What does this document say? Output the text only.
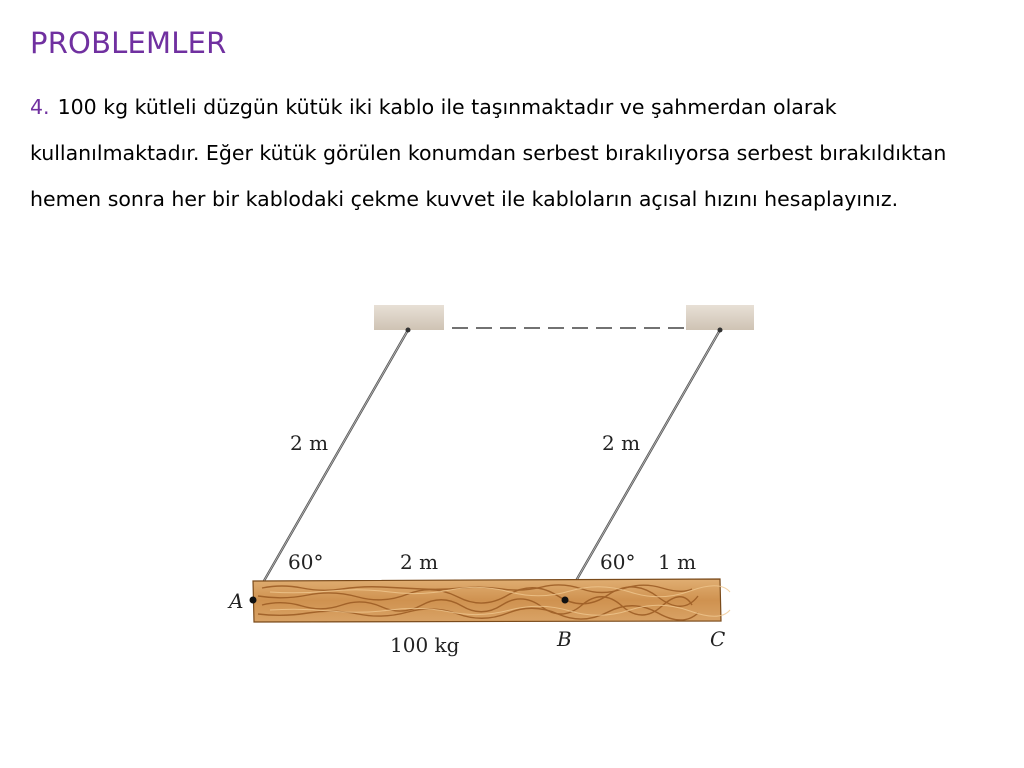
PROBLEMLER
4. 100 kg kütleli düzgün kütük iki kablo ile taşınmaktadır ve şahmerdan olarak kullanılmaktadır. Eğer kütük görülen konumdan serbest bırakılıyorsa serbest bırakıldıktan hemen sonra her bir kablodaki çekme kuvvet ile kabloların açısal hızını hesaplayınız.
2 m	2 m
60°	2 m	60° 1 m
A
B	C
100 kg
